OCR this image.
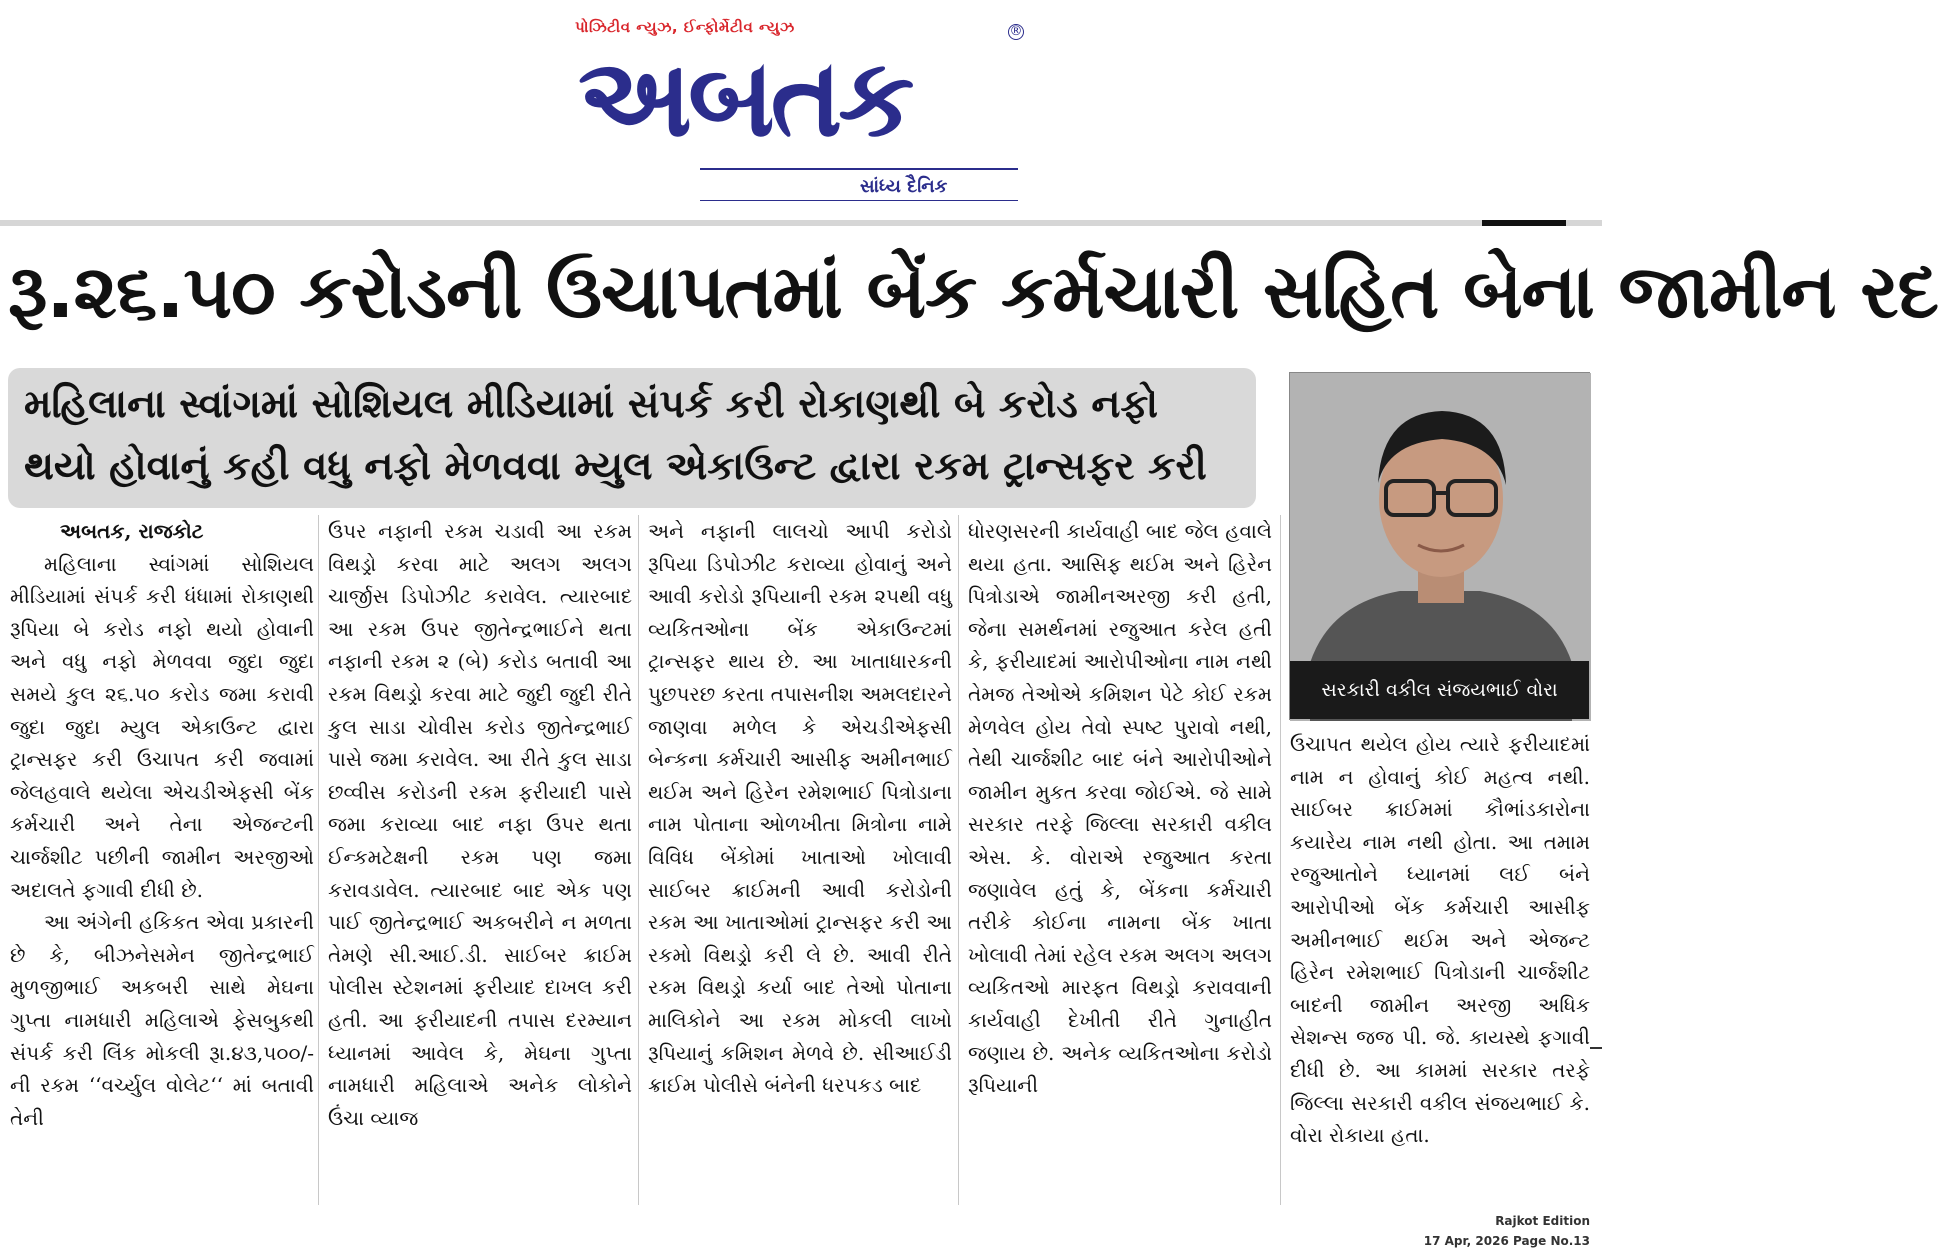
પોઝિટીવ ન્યુઝ, ઈન્ફોર્મેટીવ ન્યુઝ
અબતક
®
સાંધ્ય દૈનિક
રૂ.૨૬.૫૦ કરોડની ઉચાપતમાં બેંક કર્મચારી સહિત બેના જામીન રદ
મહિલાના સ્વાંગમાં સોશિયલ મીડિયામાં સંપર્ક કરી રોકાણથી બે કરોડ નફો
થયો હોવાનું કહી વધુ નફો મેળવવા મ્યુલ એકાઉન્ટ દ્વારા રકમ ટ્રાન્સફર કરી
સરકારી વકીલ સંજયભાઈ વોરા
અબતક, રાજકોટ

મહિલાના સ્વાંગમાં સોશિયલ મીડિયામાં સંપર્ક કરી ધંધામાં રોકાણથી રૂપિયા બે કરોડ નફો થયો હોવાની અને વધુ નફો મેળવવા જુદા જુદા સમયે કુલ ૨૬.૫૦ કરોડ જમા કરાવી જુદા જુદા મ્યુલ એકાઉન્ટ દ્વારા ટ્રાન્સફર કરી ઉચાપત કરી જવામાં જેલહવાલે થયેલા એચડીએફસી બેંક કર્મચારી અને તેના એજન્ટની ચાર્જશીટ પછીની જામીન અરજીઓ અદાલતે ફગાવી દીધી છે.

આ અંગેની હકિકત એવા પ્રકારની છે કે, બીઝનેસમેન જીતેન્દ્રભાઈ મુળજીભાઈ અકબરી સાથે મેઘના ગુપ્તા નામધારી મહિલાએ ફેસબુકથી સંપર્ક કરી લિંક મોકલી રૂા.૪૩,૫૦૦/- ની રકમ ‘‘વર્ચ્યુલ વોલેટ‘‘ માં બતાવી તેની

ઉપર નફાની રકમ ચડાવી આ રકમ વિથડ્રો કરવા માટે અલગ અલગ ચાર્જીસ ડિપોઝીટ કરાવેલ. ત્યારબાદ આ રકમ ઉપર જીતેન્દ્રભાઈને થતા નફાની રકમ ૨ (બે) કરોડ બતાવી આ રકમ વિથડ્રો કરવા માટે જુદી જુદી રીતે કુલ સાડા ચોવીસ કરોડ જીતેન્દ્રભાઈ પાસે જમા કરાવેલ. આ રીતે કુલ સાડા છવ્વીસ કરોડની રકમ ફરીયાદી પાસે જમા કરાવ્યા બાદ નફા ઉપર થતા ઈન્કમટેક્ષની રકમ પણ જમા કરાવડાવેલ. ત્યારબાદ બાદ એક પણ પાઈ જીતેન્દ્રભાઈ અકબરીને ન મળતા તેમણે સી.આઈ.ડી. સાઈબર ક્રાઈમ પોલીસ સ્ટેશનમાં ફરીયાદ દાખલ કરી હતી. આ ફરીયાદની તપાસ દરમ્યાન ધ્યાનમાં આવેલ કે, મેઘના ગુપ્તા નામધારી મહિલાએ અનેક લોકોને ઉંચા વ્યાજ

અને નફાની લાલચો આપી કરોડો રૂપિયા ડિપોઝીટ કરાવ્યા હોવાનું અને આવી કરોડો રૂપિયાની રકમ ૨૫થી વધુ વ્યકિતઓના બેંક એકાઉન્ટમાં ટ્રાન્સફર થાય છે. આ ખાતાધારકની પુછપરછ કરતા તપાસનીશ અમલદારને જાણવા મળેલ કે એચડીએફસી બેન્કના કર્મચારી આસીફ અમીનભાઈ થઈમ અને હિરેન રમેશભાઈ પિત્રોડાના નામ પોતાના ઓળખીતા મિત્રોના નામે વિવિધ બેંકોમાં ખાતાઓ ખોલાવી સાઈબર ક્રાઈમની આવી કરોડોની રકમ આ ખાતાઓમાં ટ્રાન્સફર કરી આ રકમો વિથડ્રો કરી લે છે. આવી રીતે રકમ વિથડ્રો કર્યા બાદ તેઓ પોતાના માલિકોને આ રકમ મોકલી લાખો રૂપિયાનું કમિશન મેળવે છે. સીઆઈડી ક્રાઈમ પોલીસે બંનેની ધરપકડ બાદ

ધોરણસરની કાર્યવાહી બાદ જેલ હવાલે થયા હતા. આસિફ થઈમ અને હિરેન પિત્રોડાએ જામીનઅરજી કરી હતી, જેના સમર્થનમાં રજુઆત કરેલ હતી કે, ફરીયાદમાં આરોપીઓના નામ નથી તેમજ તેઓએ કમિશન પેટે કોઈ રકમ મેળવેલ હોય તેવો સ્પષ્ટ પુરાવો નથી, તેથી ચાર્જશીટ બાદ બંને આરોપીઓને જામીન મુકત કરવા જોઈએ. જે સામે સરકાર તરફે જિલ્લા સરકારી વકીલ એસ. કે. વોરાએ રજુઆત કરતા જણાવેલ હતું કે, બેંકના કર્મચારી તરીકે કોઈના નામના બેંક ખાતા ખોલાવી તેમાં રહેલ રકમ અલગ અલગ વ્યકિતઓ મારફત વિથડ્રો કરાવવાની કાર્યવાહી દેખીતી રીતે ગુનાહીત જણાય છે. અનેક વ્યકિતઓના કરોડો રૂપિયાની

ઉચાપત થયેલ હોય ત્યારે ફરીયાદમાં નામ ન હોવાનું કોઈ મહત્વ નથી. સાઈબર ક્રાઈમમાં કૌભાંડકારોના કયારેય નામ નથી હોતા. આ તમામ રજુઆતોને ધ્યાનમાં લઈ બંને આરોપીઓ બેંક કર્મચારી આસીફ અમીનભાઈ થઈમ અને એજન્ટ હિરેન રમેશભાઈ પિત્રોડાની ચાર્જશીટ બાદની જામીન અરજી અધિક સેશન્સ જજ પી. જે. કાયસ્થે ફગાવી દીધી છે. આ કામમાં સરકાર તરફે જિલ્લા સરકારી વકીલ સંજયભાઈ કે. વોરા રોકાયા હતા.

Rajkot Edition
17 Apr, 2026 Page No.13
